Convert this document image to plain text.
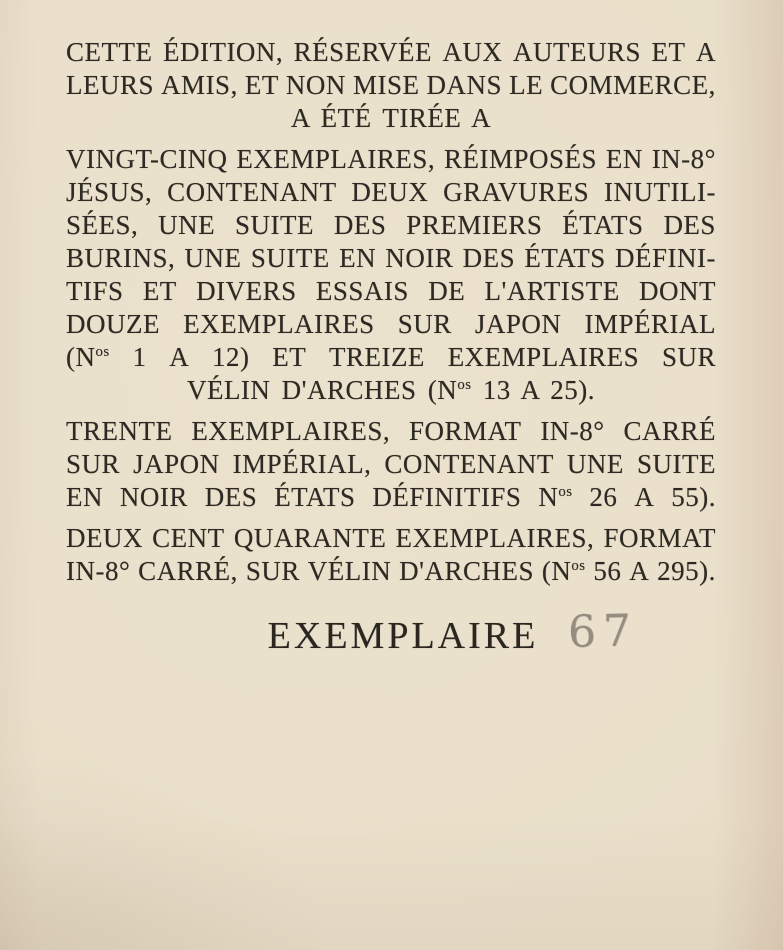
CETTE ÉDITION, RÉSERVÉE AUX AUTEURS ET A
LEURS AMIS, ET NON MISE DANS LE COMMERCE,
A ÉTÉ TIRÉE A
VINGT-CINQ EXEMPLAIRES, RÉIMPOSÉS EN IN-8°
JÉSUS, CONTENANT DEUX GRAVURES INUTILI-
SÉES, UNE SUITE DES PREMIERS ÉTATS DES
BURINS, UNE SUITE EN NOIR DES ÉTATS DÉFINI-
TIFS ET DIVERS ESSAIS DE L'ARTISTE DONT
DOUZE EXEMPLAIRES SUR JAPON IMPÉRIAL
($N^{os}$ 1 A 12) ET TREIZE EXEMPLAIRES SUR
VÉLIN D'ARCHES ($N^{os}$ 13 A 25).
TRENTE EXEMPLAIRES, FORMAT IN-8° CARRÉ
SUR JAPON IMPÉRIAL, CONTENANT UNE SUITE
EN NOIR DES ÉTATS DÉFINITIFS $N^{os}$ 26 A 55).
DEUX CENT QUARANTE EXEMPLAIRES, FORMAT
IN-8° CARRÉ, SUR VÉLIN D'ARCHES ($N^{os}$ 56 A 295).
EXEMPLAIRE 67
